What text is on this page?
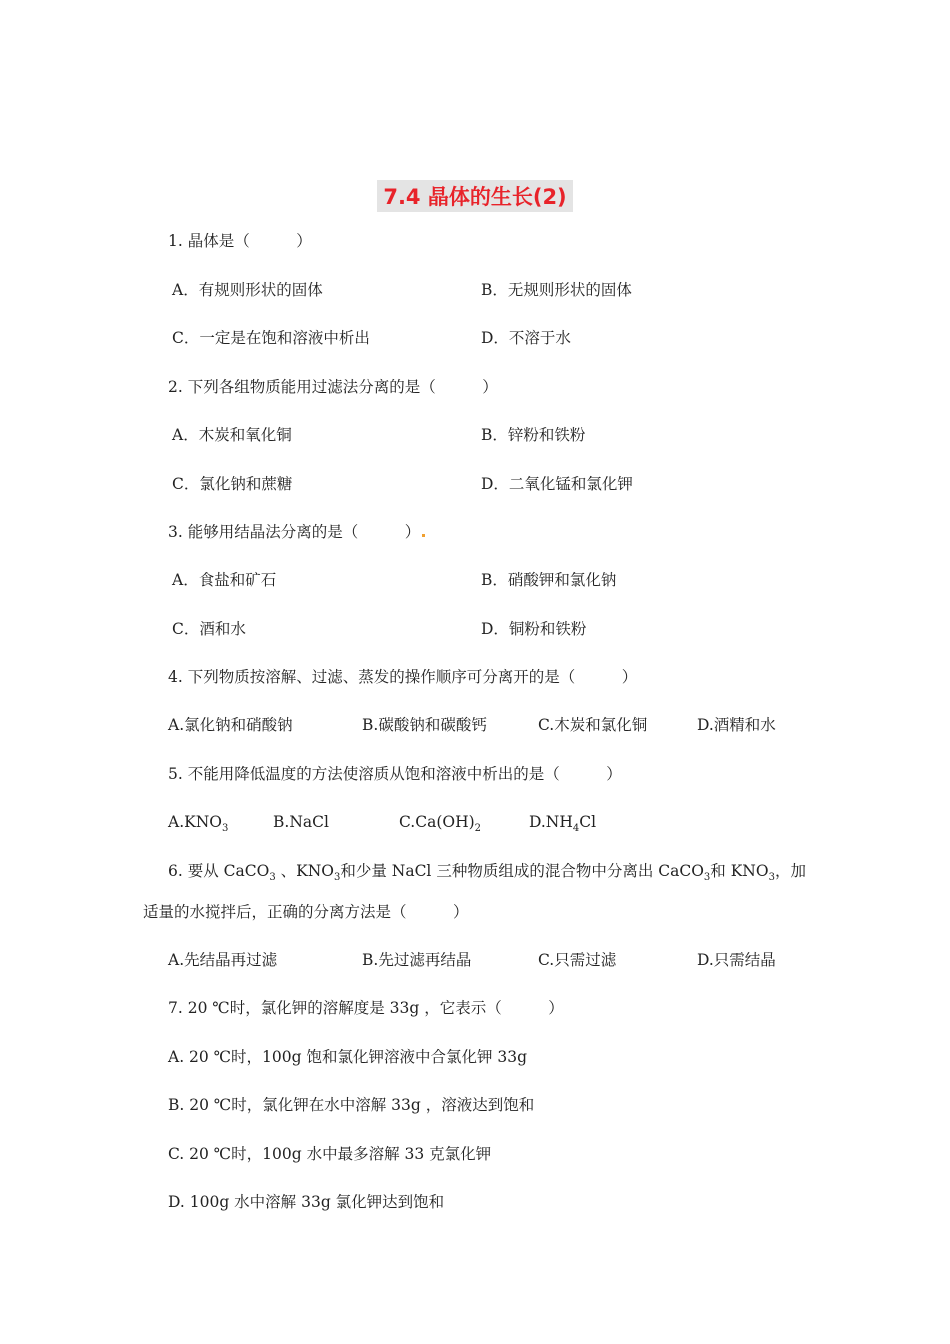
7.4 晶体的生长(2)
1. 晶体是（　　　）
A．有规则形状的固体	B．无规则形状的固体
C．一定是在饱和溶液中析出	D．不溶于水
2. 下列各组物质能用过滤法分离的是（　　　）
A．木炭和氧化铜	B．锌粉和铁粉
C．氯化钠和蔗糖	D．二氧化锰和氯化钾
3. 能够用结晶法分离的是（　　　）
A．食盐和矿石	B．硝酸钾和氯化钠
C．酒和水	D．铜粉和铁粉
4. 下列物质按溶解、过滤、蒸发的操作顺序可分离开的是（　　　）
A.氯化钠和硝酸钠	B.碳酸钠和碳酸钙	C.木炭和氯化铜	D.酒精和水
5. 不能用降低温度的方法使溶质从饱和溶液中析出的是（　　　）
$A.KNO_3$	B.NaCl	$C.Ca(OH)_2$	$D.NH_4Cl$
6. 要从 CaCO$_3$ 、$KNO_3$和少量 NaCl 三种物质组成的混合物中分离出 CaCO$_3$和 $KNO_3$，加
适量的水搅拌后，正确的分离方法是（　　　）
A.先结晶再过滤	B.先过滤再结晶	C.只需过滤	D.只需结晶
7. 20 ℃时，氯化钾的溶解度是 33g ，它表示（　　　）
A. 20 ℃时，100g 饱和氯化钾溶液中合氯化钾 33g
B. 20 ℃时，氯化钾在水中溶解 33g ，溶液达到饱和
C. 20 ℃时，100g 水中最多溶解 33 克氯化钾
D. 100g 水中溶解 33g 氯化钾达到饱和
